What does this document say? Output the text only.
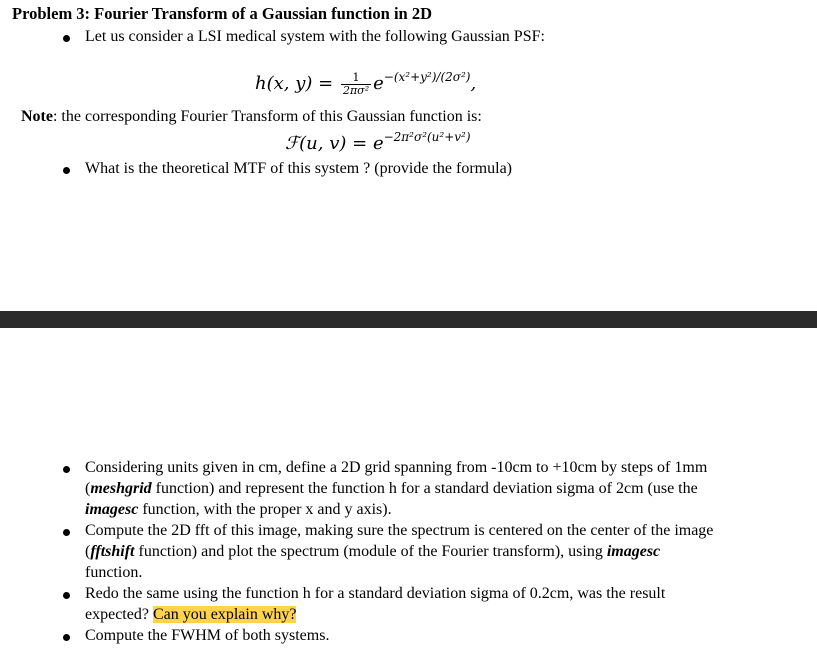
Problem 3: Fourier Transform of a Gaussian function in 2D
Let us consider a LSI medical system with the following Gaussian PSF:
h(x, $y) = \frac{1}{\text{2πσ²}} e^{-(x^2+y^2)/(2\sigma^2)}$,
Note: the corresponding Fourier Transform of this Gaussian function is:
ℱ(u, $v) = e^{-2\pi^2\sigma^2(u^2+v^2)}$
What is the theoretical MTF of this system ? (provide the formula)
Considering units given in cm, define a 2D grid spanning from -10cm to +10cm by steps of 1mm
(meshgrid function) and represent the function h for a standard deviation sigma of 2cm (use the
imagesc function, with the proper x and y axis).
Compute the 2D fft of this image, making sure the spectrum is centered on the center of the image
(fftshift function) and plot the spectrum (module of the Fourier transform), using imagesc
function.
Redo the same using the function h for a standard deviation sigma of 0.2cm, was the result
expected? Can you explain why?
Compute the FWHM of both systems.
